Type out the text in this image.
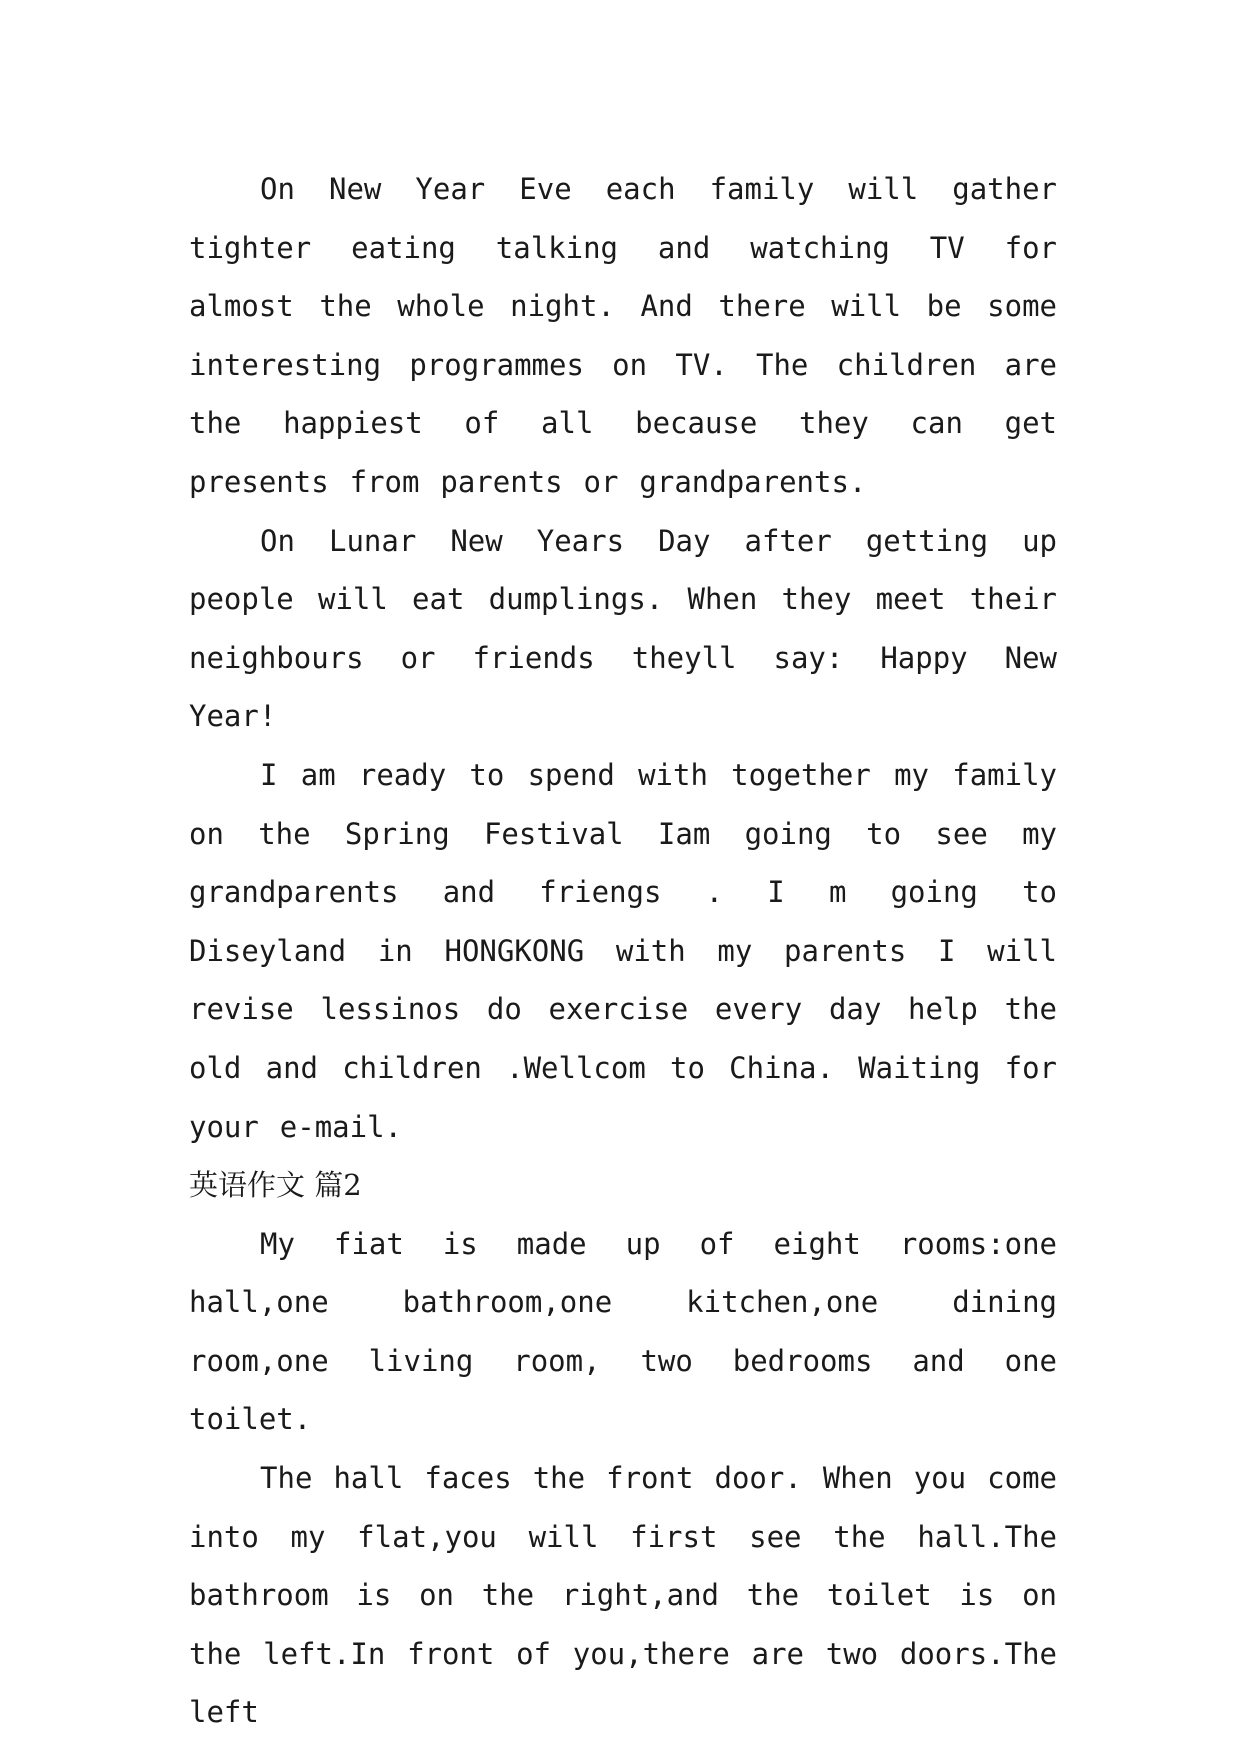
On New Year Eve each family will gather tighter eating talking and watching TV for almost the whole night. And there will be some interesting programmes on TV. The children are the happiest of all because they can get presents from parents or grandparents.

On Lunar New Years Day after getting up people will eat dumplings. When they meet their neighbours or friends theyll say: Happy New Year!

I am ready to spend with together my family on the Spring Festival Iam going to see my grandparents and friengs . I m going to Diseyland in HONGKONG with my parents I will revise lessinos do exercise every day help the old and children .Wellcom to China. Waiting for your e-mail.

英语作文 篇2

My fiat is made up of eight rooms:one hall,one bathroom,one kitchen,one dining room,one living room, two bedrooms and one toilet.

The hall faces the front door. When you come into my flat,you will first see the hall.The bathroom is on the right,and the toilet is on the left.In front of you,there are two doors.The left
